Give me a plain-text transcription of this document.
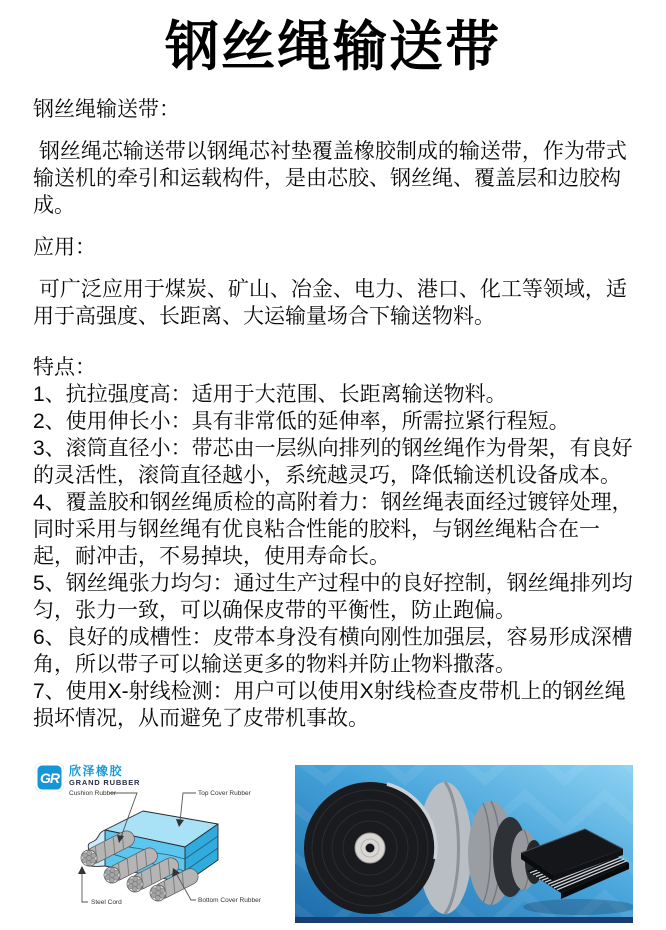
钢丝绳输送带

钢丝绳输送带：

钢丝绳芯输送带以钢绳芯衬垫覆盖橡胶制成的输送带，作为带式输送机的牵引和运载构件，是由芯胶、钢丝绳、覆盖层和边胶构成。

应用：

可广泛应用于煤炭、矿山、冶金、电力、港口、化工等领域，适用于高强度、长距离、大运输量场合下输送物料。

特点：
1、抗拉强度高：适用于大范围、长距离输送物料。
2、使用伸长小：具有非常低的延伸率，所需拉紧行程短。
3、滚筒直径小：带芯由一层纵向排列的钢丝绳作为骨架，有良好的灵活性，滚筒直径越小，系统越灵巧，降低输送机设备成本。
4、覆盖胶和钢丝绳质检的高附着力：钢丝绳表面经过镀锌处理，同时采用与钢丝绳有优良粘合性能的胶料，与钢丝绳粘合在一起，耐冲击，不易掉块，使用寿命长。
5、钢丝绳张力均匀：通过生产过程中的良好控制，钢丝绳排列均匀，张力一致，可以确保皮带的平衡性，防止跑偏。
6、良好的成槽性：皮带本身没有横向刚性加强层，容易形成深槽角，所以带子可以输送更多的物料并防止物料撒落。
7、使用X-射线检测：用户可以使用X射线检查皮带机上的钢丝绳损坏情况，从而避免了皮带机事故。
GR 欣泽橡胶
GRAND RUBBER
Cushion Rubber	Top Cover Rubber
Steel Cord	Bottom Cover Rubber
